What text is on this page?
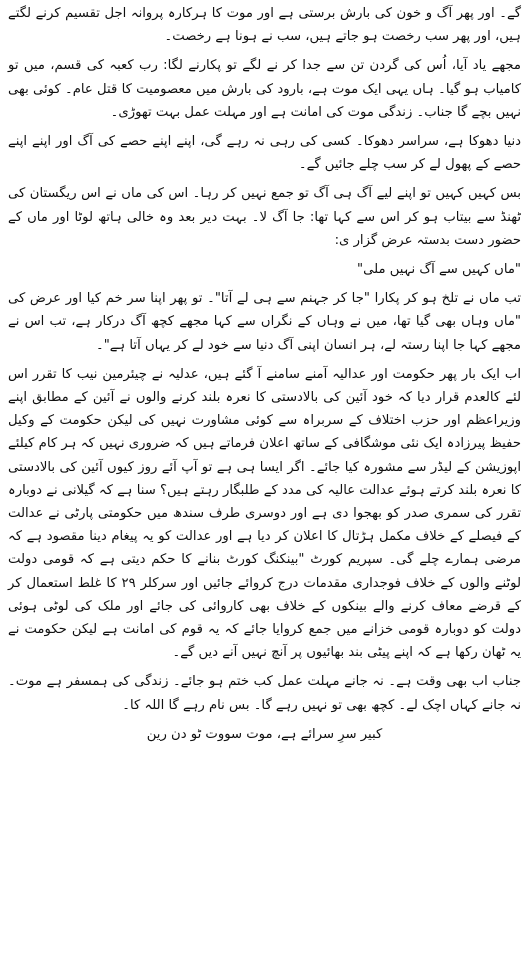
گے۔ اور پھر آگ و خون کی بارش برستی ہے اور موت کا ہرکارہ پروانہ اجل تقسیم کرنے لگتے ہیں، اور پھر سب رخصت ہو جاتے ہیں، سب نے ہونا ہے رخصت۔

مجھے یاد آیا، اُس کی گردن تن سے جدا کر نے لگے تو پکارنے لگا: رب کعبہ کی قسم، میں تو کامیاب ہو گیا۔ ہاں یہی ایک موت ہے، بارود کی بارش میں معصومیت کا قتل عام۔ کوئی بھی نہیں بچے گا جناب۔ زندگی موت کی امانت ہے اور مہلت عمل بہت تھوڑی۔

دنیا دھوکا ہے، سراسر دھوکا۔ کسی کی رہی نہ رہے گی، اپنے اپنے حصے کی آگ اور اپنے اپنے حصے کے پھول لے کر سب چلے جائیں گے۔

بس کہیں کہیں تو اپنے لیے آگ ہی آگ تو جمع نہیں کر رہا۔ اس کی ماں نے اس ریگستان کی ٹھنڈ سے بیتاب ہو کر اس سے کہا تھا: جا آگ لا۔ بہت دیر بعد وہ خالی ہاتھ لوٹا اور ماں کے حضور دست بدستہ عرض گزار ی:

"ماں کہیں سے آگ نہیں ملی"

تب ماں نے تلخ ہو کر پکارا "جا کر جہنم سے ہی لے آتا"۔ تو پھر اپنا سر خم کیا اور عرض کی "ماں وہاں بھی گیا تھا، میں نے وہاں کے نگراں سے کہا مجھے کچھ آگ درکار ہے، تب اس نے مجھے کہا جا اپنا رستہ لے، ہر انسان اپنی آگ دنیا سے خود لے کر یہاں آتا ہے"۔

اب ایک بار پھر حکومت اور عدالیہ آمنے سامنے آ گئے ہیں، عدلیہ نے چیئرمین نیب کا تقرر اس لئے کالعدم قرار دیا کہ خود آئین کی بالادستی کا نعرہ بلند کرنے والوں نے آئین کے مطابق اپنے وزیراعظم اور حزب اختلاف کے سربراہ سے کوئی مشاورت نہیں کی لیکن حکومت کے وکیل حفیظ پیرزادہ ایک نئی موشگافی کے ساتھ اعلان فرماتے ہیں کہ ضروری نہیں کہ ہر کام کیلئے اپوزیشن کے لیڈر سے مشورہ کیا جائے۔ اگر ایسا ہی ہے تو آپ آئے روز کیوں آئین کی بالادستی کا نعرہ بلند کرتے ہوئے عدالت عالیہ کی مدد کے طلبگار رہتے ہیں؟ سنا ہے کہ گیلانی نے دوبارہ تقرر کی سمری صدر کو بھجوا دی ہے اور دوسری طرف سندھ میں حکومتی پارٹی نے عدالت کے فیصلے کے خلاف مکمل ہڑتال کا اعلان کر دیا ہے اور عدالت کو یہ پیغام دینا مقصود ہے کہ مرضی ہمارے چلے گی۔ سپریم کورٹ "بینکنگ کورٹ بنانے کا حکم دیتی ہے کہ قومی دولت لوٹنے والوں کے خلاف فوجداری مقدمات درج کروائے جائیں اور سرکلر ۲۹ کا غلط استعمال کر کے قرضے معاف کرنے والے بینکوں کے خلاف بھی کاروائی کی جائے اور ملک کی لوٹی ہوئی دولت کو دوبارہ قومی خزانے میں جمع کروایا جائے کہ یہ قوم کی امانت ہے لیکن حکومت نے یہ ٹھان رکھا ہے کہ اپنے پیٹی بند بھائیوں پر آنچ نہیں آنے دیں گے۔

جناب اب بھی وقت ہے۔ نہ جانے مہلت عمل کب ختم ہو جائے۔ زندگی کی ہمسفر ہے موت۔ نہ جانے کہاں اچک لے۔ کچھ بھی تو نہیں رہے گا۔ بس نام رہے گا اللہ کا۔

کبیر سرِ سرائے ہے، موت سووت ٹو دن رین
